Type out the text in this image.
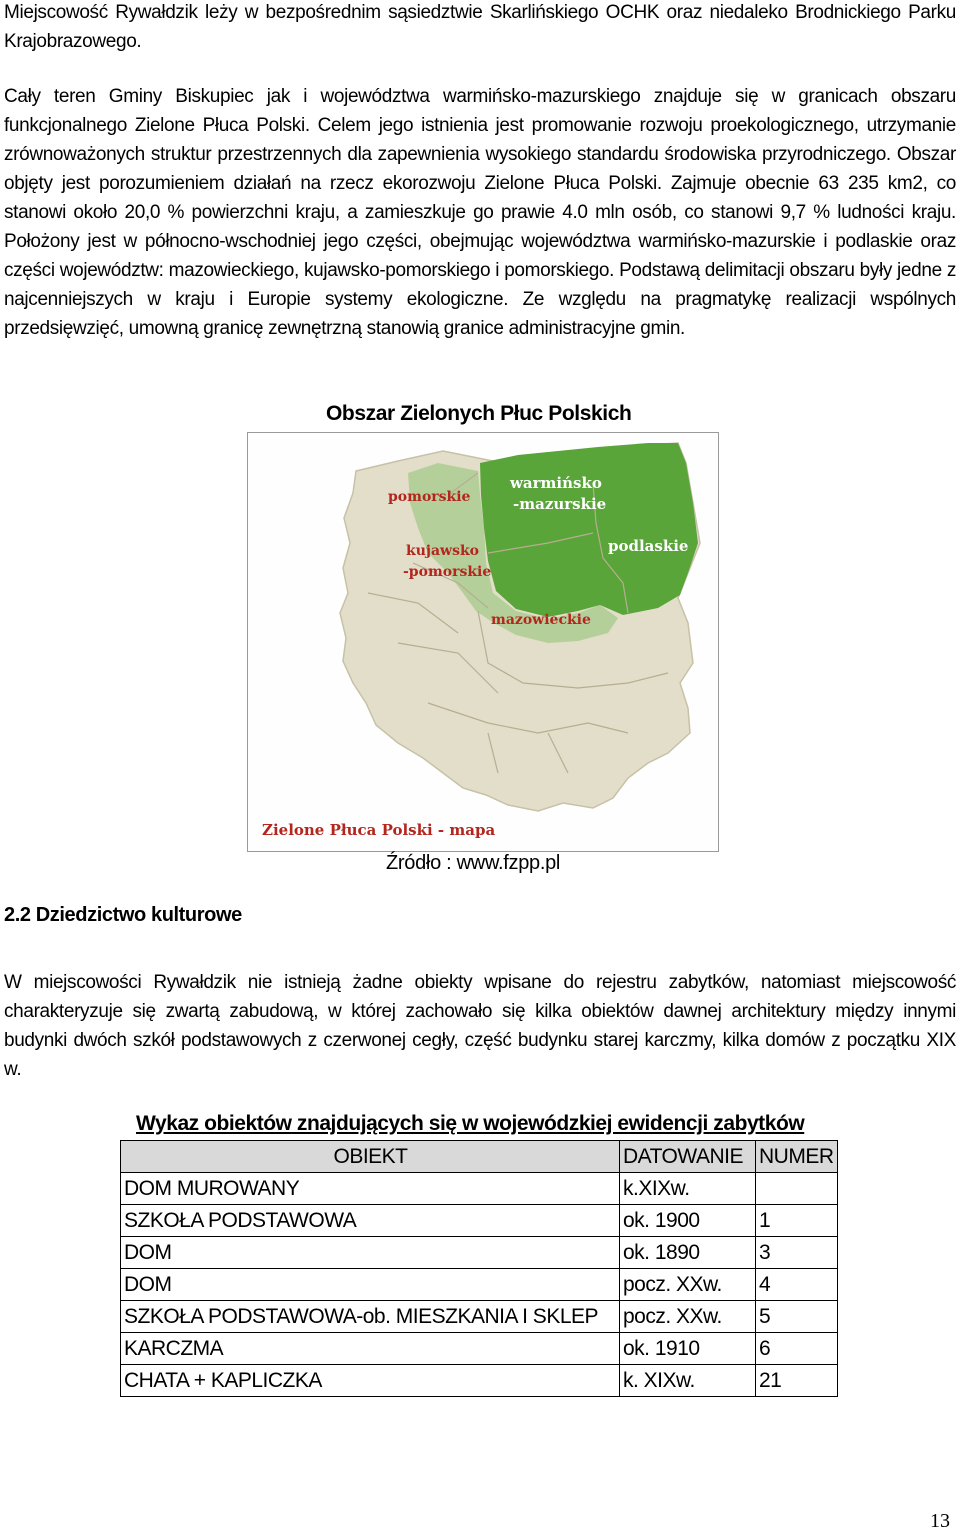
Miejscowość Rywałdzik leży w bezpośrednim sąsiedztwie Skarlińskiego OCHK oraz niedaleko Brodnickiego Parku Krajobrazowego.

Cały teren Gminy Biskupiec jak i województwa warmińsko-mazurskiego znajduje się w granicach obszaru funkcjonalnego Zielone Płuca Polski. Celem jego istnienia jest promowanie rozwoju proekologicznego, utrzymanie zrównoważonych struktur przestrzennych dla zapewnienia wysokiego standardu środowiska przyrodniczego. Obszar objęty jest porozumieniem działań na rzecz ekorozwoju Zielone Płuca Polski. Zajmuje obecnie 63 235 km2, co stanowi około 20,0 % powierzchni kraju, a zamieszkuje go prawie 4.0 mln osób, co stanowi 9,7 % ludności kraju. Położony jest w północno-wschodniej jego części, obejmując województwa warmińsko-mazurskie i podlaskie oraz części województw: mazowieckiego, kujawsko-pomorskiego i pomorskiego. Podstawą delimitacji obszaru były jedne z najcenniejszych w kraju i Europie systemy ekologiczne. Ze względu na pragmatykę realizacji wspólnych przedsięwzięć, umowną granicę zewnętrzną stanowią granice administracyjne gmin.

Obszar Zielonych Płuc Polskich
warmińsko
-mazurskie
podlaskie
pomorskie
kujawsko
-pomorskie
mazowieckie
Zielone Płuca Polski - mapa
Źródło : www.fzpp.pl
2.2 Dziedzictwo kulturowe

W miejscowości Rywałdzik nie istnieją żadne obiekty wpisane do rejestru zabytków, natomiast miejscowość charakteryzuje się zwartą zabudową, w której zachowało się kilka obiektów dawnej architektury między innymi budynki dwóch szkół podstawowych z czerwonej cegły, część budynku starej karczmy, kilka domów z początku XIX w.

Wykaz obiektów znajdujących się w wojewódzkiej ewidencji zabytków
OBIEKT	DATOWANIE	NUMER
DOM MUROWANY	k.XIXw.	
SZKOŁA PODSTAWOWA	ok. 1900	1
DOM	ok. 1890	3
DOM	pocz. XXw.	4
SZKOŁA PODSTAWOWA-ob. MIESZKANIA I SKLEP	pocz. XXw.	5
KARCZMA	ok. 1910	6
CHATA + KAPLICZKA	k. XIXw.	21
13
